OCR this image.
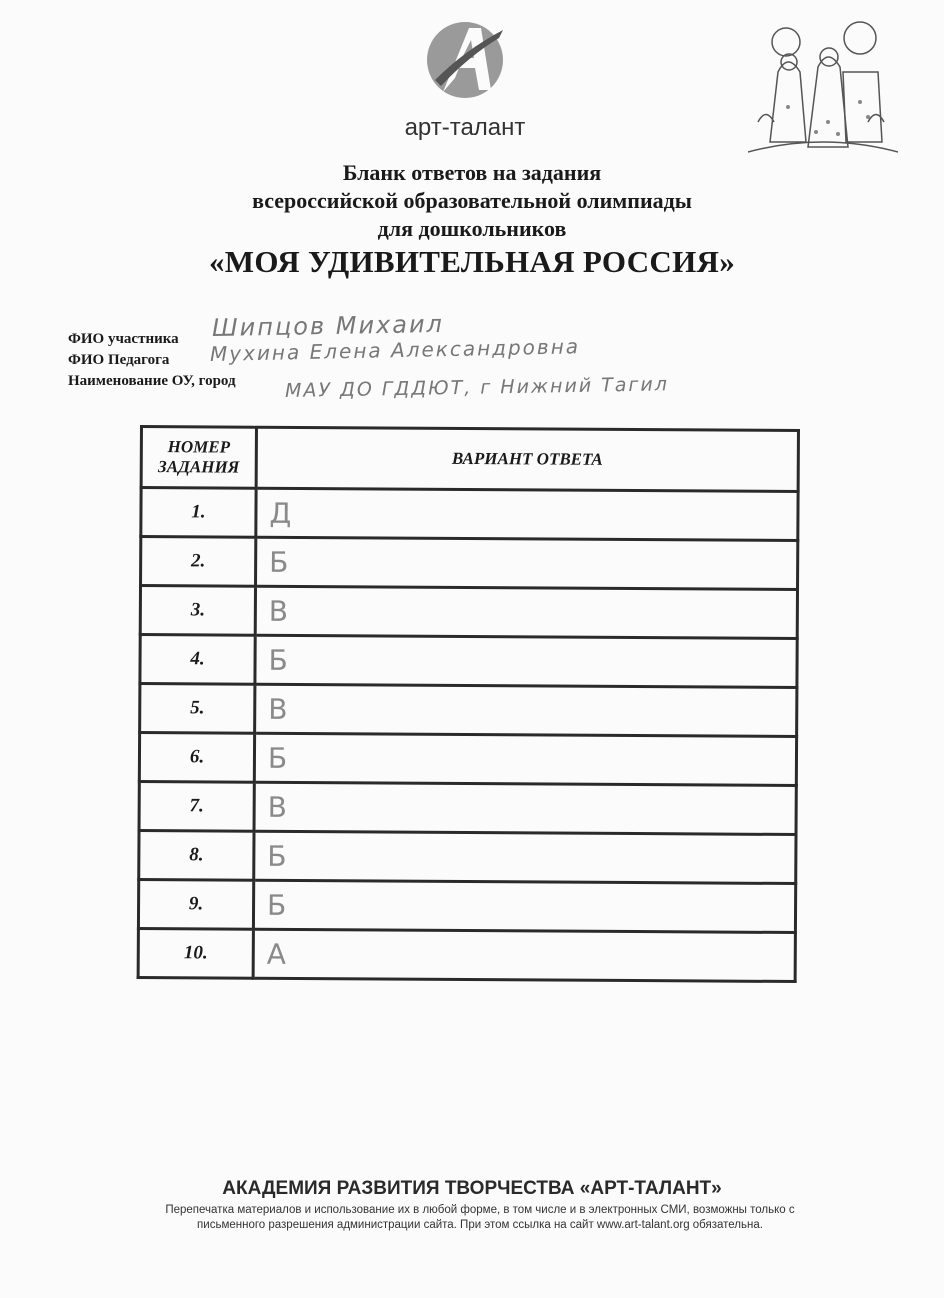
арт-талант
Бланк ответов на задания
всероссийской образовательной олимпиады
для дошкольников
«МОЯ УДИВИТЕЛЬНАЯ РОССИЯ»
ФИО участника Шипцов Михаил
ФИО Педагога Мухина Елена Александровна
Наименование ОУ, город	МАУ ДО ГДДЮТ, г Нижний Тагил
НОМЕР
ЗАДАНИЯ	ВАРИАНТ ОТВЕТА
1.	Д
2.	Б
3.	В
4.	Б
5.	В
6.	Б
7.	В
8.	Б
9.	Б
10.	А
АКАДЕМИЯ РАЗВИТИЯ ТВОРЧЕСТВА «АРТ-ТАЛАНТ»
Перепечатка материалов и использование их в любой форме, в том числе и в электронных СМИ, возможны только с
письменного разрешения администрации сайта. При этом ссылка на сайт www.art-talant.org обязательна.
